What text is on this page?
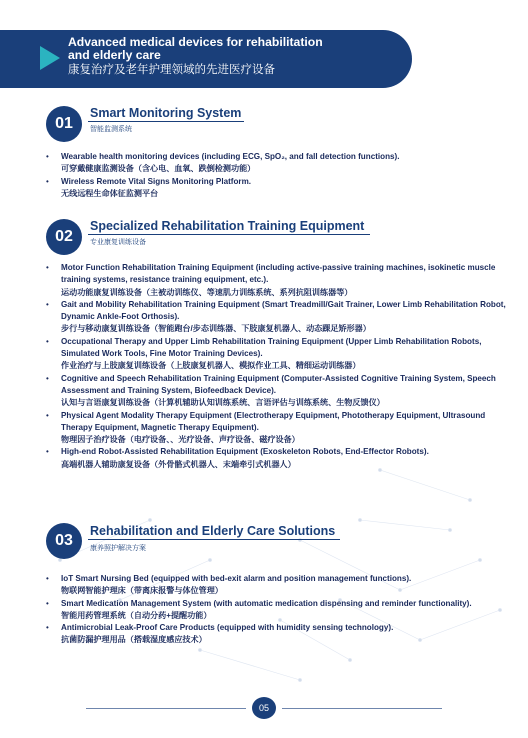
Advanced medical devices for rehabilitation and elderly care
康复治疗及老年护理领域的先进医疗设备
01
Smart Monitoring System
智能监测系统
• Wearable health monitoring devices (including ECG, SpO₂, and fall detection functions).
可穿戴健康监测设备（含心电、血氧、跌倒检测功能）
• Wireless Remote Vital Signs Monitoring Platform.
无线远程生命体征监测平台
02
Specialized Rehabilitation Training Equipment
专业康复训练设备
• Motor Function Rehabilitation Training Equipment (including active-passive training machines, isokinetic muscle training systems, resistance training equipment, etc.).
运动功能康复训练设备（主被动训练仪、等速肌力训练系统、系列抗阻训练器等）
• Gait and Mobility Rehabilitation Training Equipment (Smart Treadmill/Gait Trainer, Lower Limb Rehabilitation Robot, Dynamic Ankle-Foot Orthosis).
步行与移动康复训练设备（智能跑台/步态训练器、下肢康复机器人、动态踝足矫形器）
• Occupational Therapy and Upper Limb Rehabilitation Training Equipment (Upper Limb Rehabilitation Robots, Simulated Work Tools, Fine Motor Training Devices).
作业治疗与上肢康复训练设备（上肢康复机器人、模拟作业工具、精细运动训练器）
• Cognitive and Speech Rehabilitation Training Equipment (Computer-Assisted Cognitive Training System, Speech Assessment and Training System, Biofeedback Device).
认知与言语康复训练设备（计算机辅助认知训练系统、言语评估与训练系统、生物反馈仪）
• Physical Agent Modality Therapy Equipment (Electrotherapy Equipment, Phototherapy Equipment, Ultrasound Therapy Equipment, Magnetic Therapy Equipment).
物理因子治疗设备（电疗设备、、光疗设备、声疗设备、磁疗设备）
• High-end Robot-Assisted Rehabilitation Equipment (Exoskeleton Robots, End-Effector Robots).
高端机器人辅助康复设备（外骨骼式机器人、末端牵引式机器人）
03
Rehabilitation and Elderly Care Solutions
康养照护解决方案
• IoT Smart Nursing Bed (equipped with bed-exit alarm and position management functions).
物联网智能护理床（带离床报警与体位管理）
• Smart Medication Management System (with automatic medication dispensing and reminder functionality).
智能用药管理系统（自动分药+提醒功能）
• Antimicrobial Leak-Proof Care Products (equipped with humidity sensing technology).
抗菌防漏护理用品（搭载湿度感应技术）
05
